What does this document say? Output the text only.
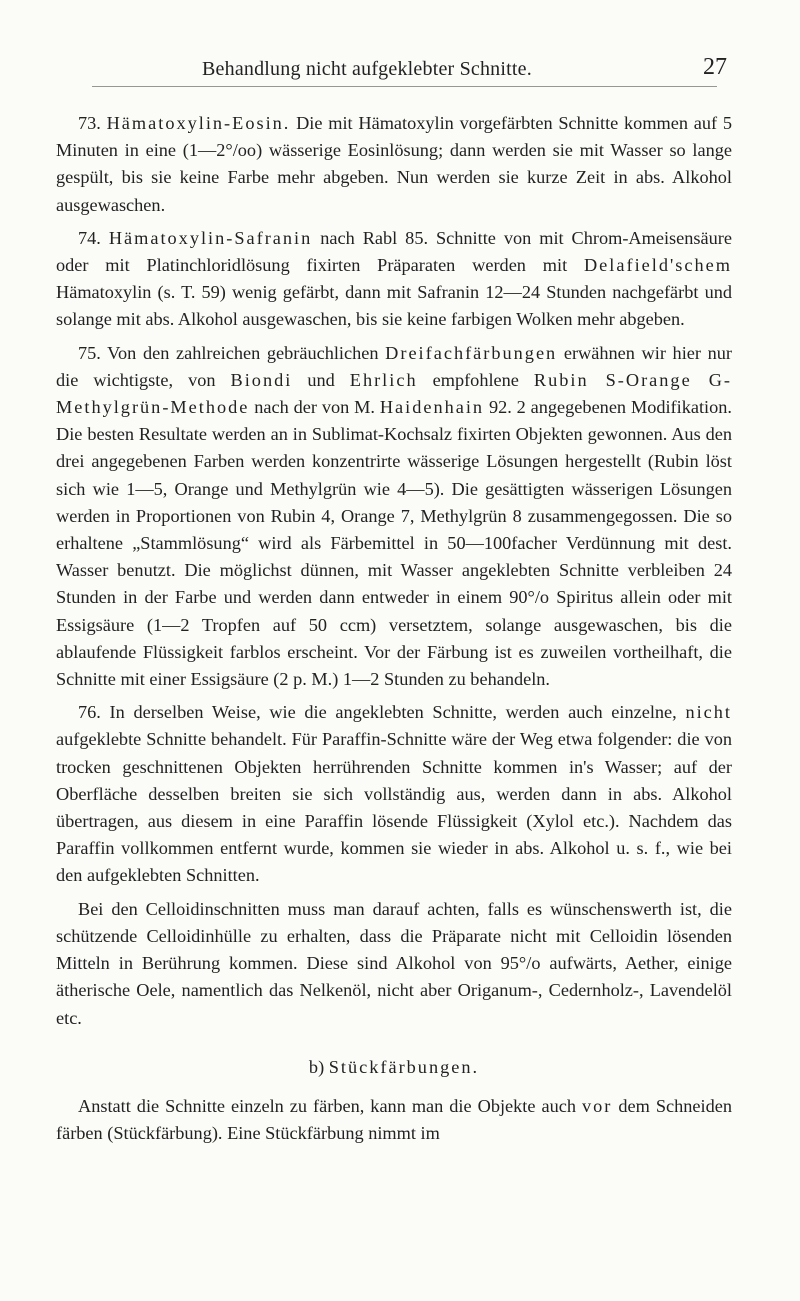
Behandlung nicht aufgeklebter Schnitte.	27

73. Hämatoxylin-Eosin. Die mit Hämatoxylin vorgefärbten Schnitte kommen auf 5 Minuten in eine (1—2°/oo) wässerige Eosinlösung; dann werden sie mit Wasser so lange gespült, bis sie keine Farbe mehr abgeben. Nun werden sie kurze Zeit in abs. Alkohol ausgewaschen.

74. Hämatoxylin-Safranin nach Rabl 85. Schnitte von mit Chrom-Ameisensäure oder mit Platinchloridlösung fixirten Präparaten werden mit Delafield'schem Hämatoxylin (s. T. 59) wenig gefärbt, dann mit Safranin 12—24 Stunden nachgefärbt und solange mit abs. Alkohol ausgewaschen, bis sie keine farbigen Wolken mehr abgeben.

75. Von den zahlreichen gebräuchlichen Dreifachfärbungen erwähnen wir hier nur die wichtigste, von Biondi und Ehrlich empfohlene Rubin S-Orange G-Methylgrün-Methode nach der von M. Haidenhain 92. 2 angegebenen Modifikation. Die besten Resultate werden an in Sublimat-Kochsalz fixirten Objekten gewonnen. Aus den drei angegebenen Farben werden konzentrirte wässerige Lösungen hergestellt (Rubin löst sich wie 1—5, Orange und Methylgrün wie 4—5). Die gesättigten wässerigen Lösungen werden in Proportionen von Rubin 4, Orange 7, Methylgrün 8 zusammengegossen. Die so erhaltene „Stammlösung“ wird als Färbemittel in 50—100facher Verdünnung mit dest. Wasser benutzt. Die möglichst dünnen, mit Wasser angeklebten Schnitte verbleiben 24 Stunden in der Farbe und werden dann entweder in einem 90°/o Spiritus allein oder mit Essigsäure (1—2 Tropfen auf 50 ccm) versetztem, solange ausgewaschen, bis die ablaufende Flüssigkeit farblos erscheint. Vor der Färbung ist es zuweilen vortheilhaft, die Schnitte mit einer Essigsäure (2 p. M.) 1—2 Stunden zu behandeln.

76. In derselben Weise, wie die angeklebten Schnitte, werden auch einzelne, nicht aufgeklebte Schnitte behandelt. Für Paraffin-Schnitte wäre der Weg etwa folgender: die von trocken geschnittenen Objekten herrührenden Schnitte kommen in's Wasser; auf der Oberfläche desselben breiten sie sich vollständig aus, werden dann in abs. Alkohol übertragen, aus diesem in eine Paraffin lösende Flüssigkeit (Xylol etc.). Nachdem das Paraffin vollkommen entfernt wurde, kommen sie wieder in abs. Alkohol u. s. f., wie bei den aufgeklebten Schnitten.

Bei den Celloidinschnitten muss man darauf achten, falls es wünschenswerth ist, die schützende Celloidinhülle zu erhalten, dass die Präparate nicht mit Celloidin lösenden Mitteln in Berührung kommen. Diese sind Alkohol von 95°/o aufwärts, Aether, einige ätherische Oele, namentlich das Nelkenöl, nicht aber Origanum-, Cedernholz-, Lavendelöl etc.

b) Stückfärbungen.

Anstatt die Schnitte einzeln zu färben, kann man die Objekte auch vor dem Schneiden färben (Stückfärbung). Eine Stückfärbung nimmt im
